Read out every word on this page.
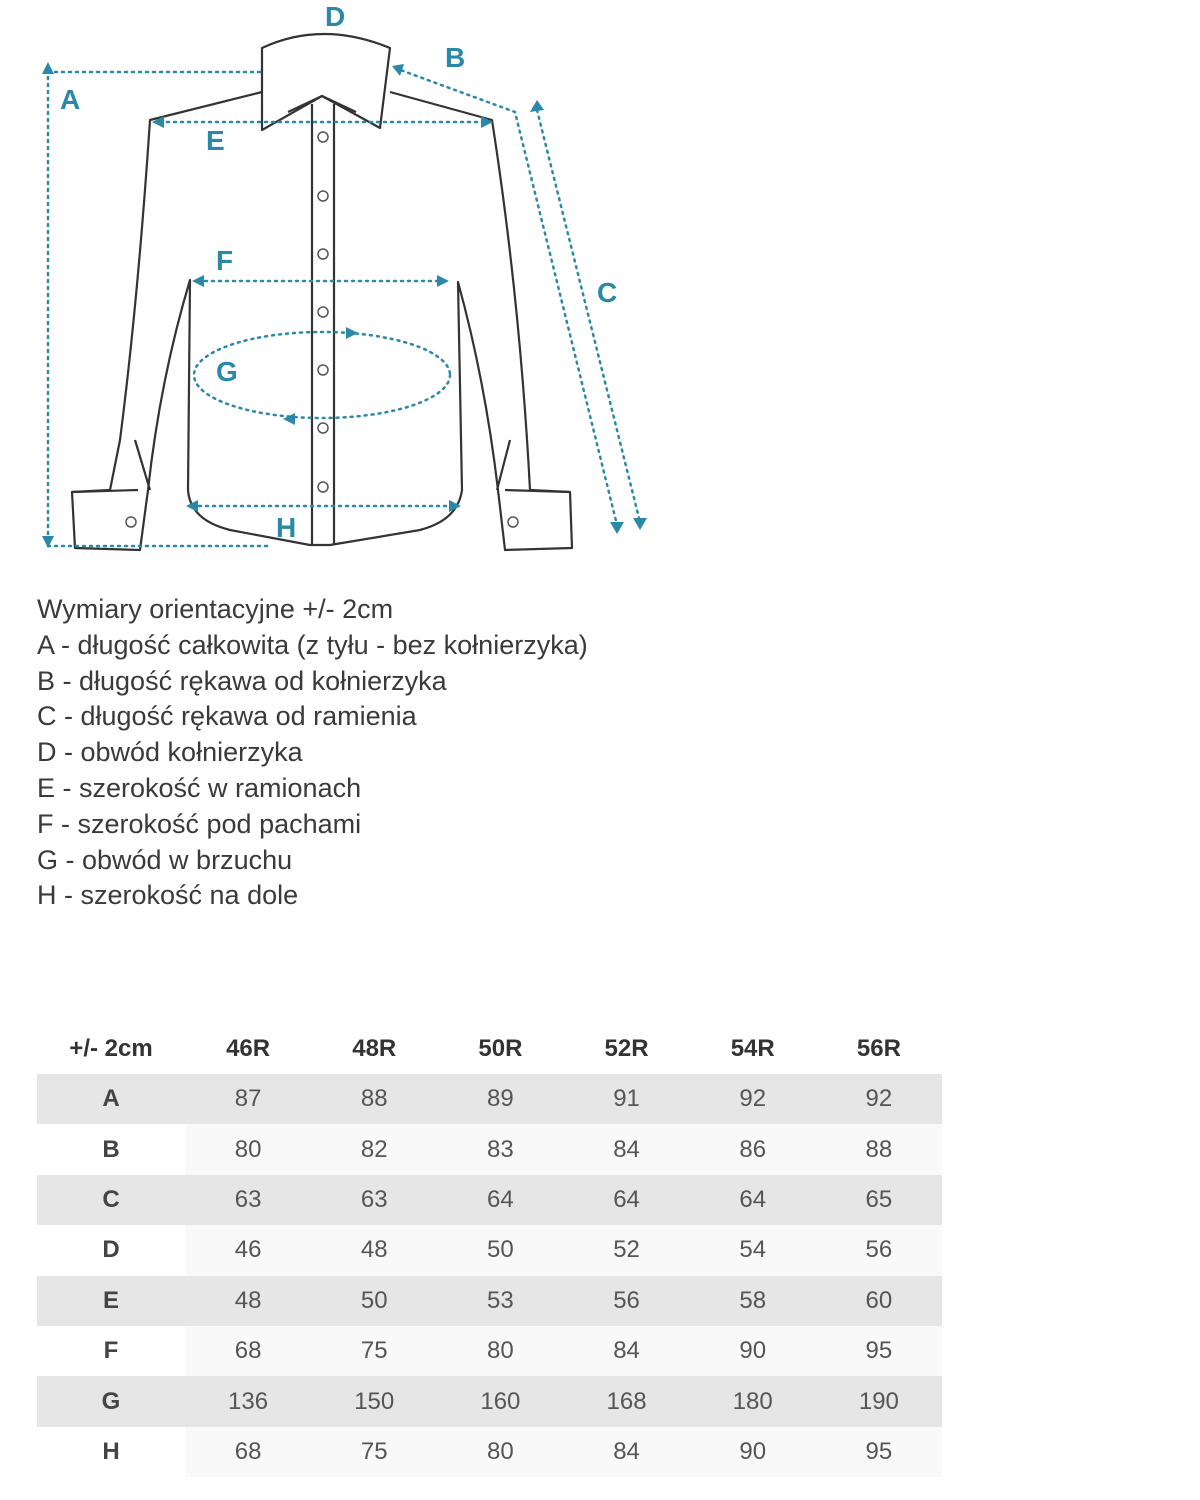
D
B
A
E
F
C
G
H
Wymiary orientacyjne +/- 2cm
A - długość całkowita (z tyłu - bez kołnierzyka)
B - długość rękawa od kołnierzyka
C - długość rękawa od ramienia
D - obwód kołnierzyka
E - szerokość w ramionach
F - szerokość pod pachami
G - obwód w brzuchu
H - szerokość na dole
+/- 2cm	46R	48R	50R	52R	54R	56R
A	87	88	89	91	92	92
B	80	82	83	84	86	88
C	63	63	64	64	64	65
D	46	48	50	52	54	56
E	48	50	53	56	58	60
F	68	75	80	84	90	95
G	136	150	160	168	180	190
H	68	75	80	84	90	95
